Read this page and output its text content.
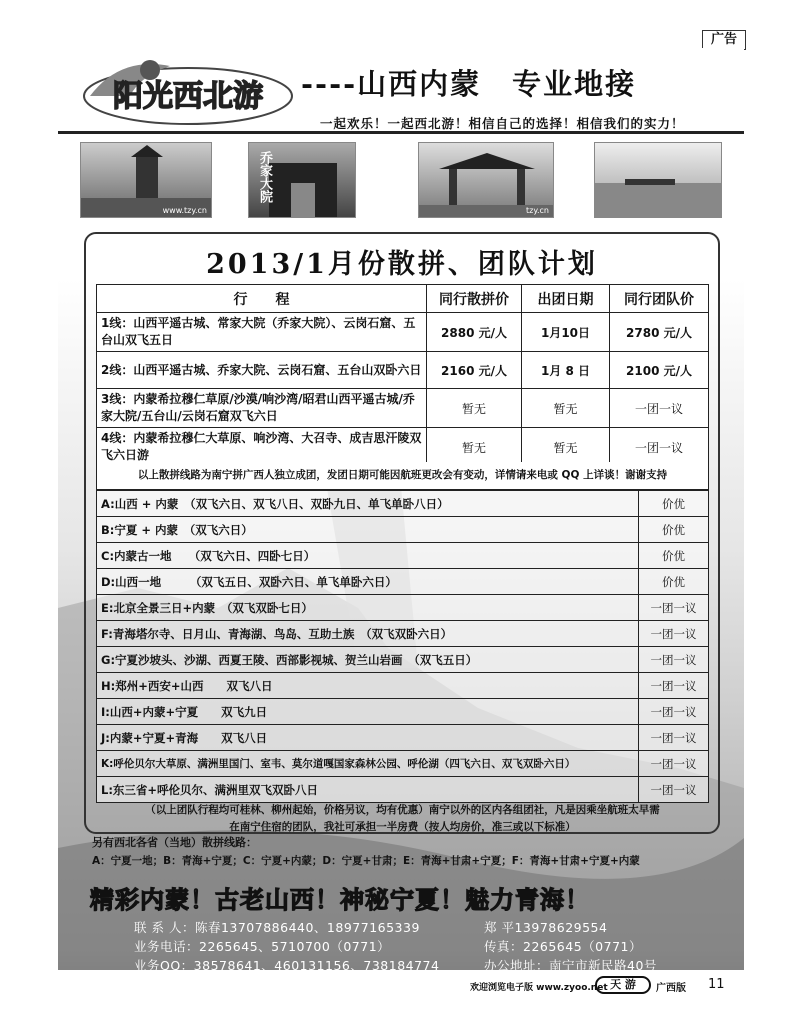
广告
阳光西北游 ----山西内蒙　专业地接
一起欢乐！一起西北游！相信自己的选择！相信我们的实力！
www.tzy.cn
乔家大院
tzy.cn
2013/1月份散拼、团队计划
行　　程	同行散拼价	出团日期	同行团队价
1线：山西平遥古城、常家大院（乔家大院）、云岗石窟、五台山双飞五日	2880 元/人	1月10日	2780 元/人
2线：山西平遥古城、乔家大院、云岗石窟、五台山双卧六日	2160 元/人	1月 8 日	2100 元/人
3线：内蒙希拉穆仁草原/沙漠/响沙湾/昭君山西平遥古城/乔家大院/五台山/云岗石窟双飞六日	暂无	暂无	一团一议
4线：内蒙希拉穆仁大草原、响沙湾、大召寺、成吉思汗陵双飞六日游	暂无	暂无	一团一议
以上散拼线路为南宁拼广西人独立成团，发团日期可能因航班更改会有变动，详情请来电或 QQ 上详谈！谢谢支持
A:山西 + 内蒙　（双飞六日、双飞八日、双卧九日、单飞单卧八日）	价优
B:宁夏 + 内蒙　（双飞六日）	价优
C:内蒙古一地　　（双飞六日、四卧七日）	价优
D:山西一地　　　（双飞五日、双卧六日、单飞单卧六日）	价优
E:北京全景三日+内蒙　（双飞双卧七日）	一团一议
F:青海塔尔寺、日月山、青海湖、鸟岛、互助土族　（双飞双卧六日）	一团一议
G:宁夏沙坡头、沙湖、西夏王陵、西部影视城、贺兰山岩画　（双飞五日）	一团一议
H:郑州+西安+山西　　双飞八日	一团一议
I:山西+内蒙+宁夏　　双飞九日	一团一议
J:内蒙+宁夏+青海　　双飞八日	一团一议
K:呼伦贝尔大草原、满洲里国门、室韦、莫尔道嘎国家森林公园、呼伦湖（四飞六日、双飞双卧六日）	一团一议
L:东三省+呼伦贝尔、满洲里双飞双卧八日	一团一议
（以上团队行程均可桂林、柳州起始，价格另议，均有优惠）南宁以外的区内各组团社，凡是因乘坐航班太早需
在南宁住宿的团队，我社可承担一半房费（按人均房价，准三或以下标准）
另有西北各省（当地）散拼线路：
A：宁夏一地；B：青海+宁夏；C：宁夏+内蒙；D：宁夏+甘肃；E：青海+甘肃+宁夏；F：青海+甘肃+宁夏+内蒙
精彩内蒙！古老山西！神秘宁夏！魅力青海！
联 系 人：陈春13707886440、18977165339
业务电话：2265645、5710700（0771）
业务QQ：38578641、460131156、738184774
郑 平13978629554
传真：2265645（0771）
办公地址：南宁市新民路40号
欢迎浏览电子版 www.zyoo.net 天 游	广西版 11
